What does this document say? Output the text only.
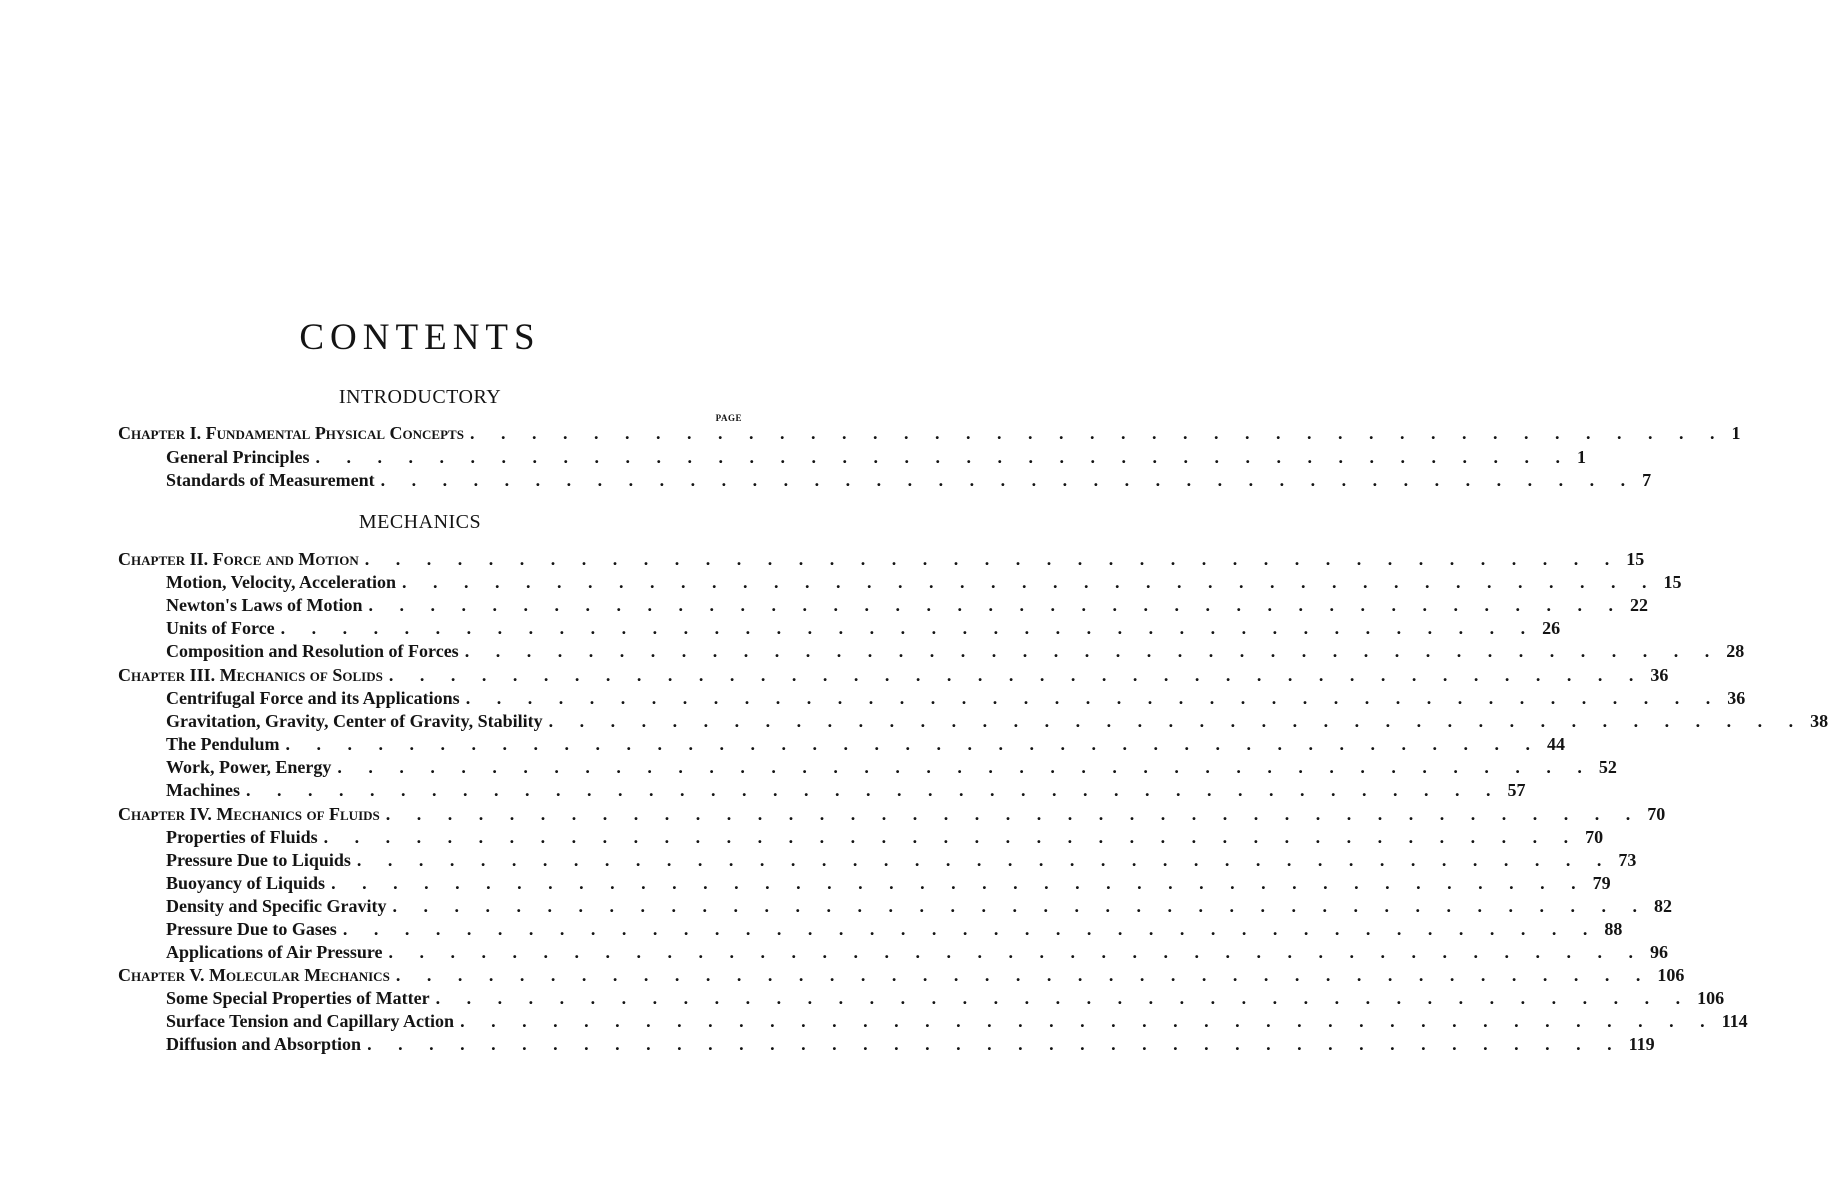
CONTENTS
INTRODUCTORY
PAGE
Chapter I. Fundamental Physical Concepts . . . . . . . . . . . . . . . . . . . . . . . . . . . . . . . . . . . . . . . . . 1
General Principles . . . . . . . . . . . . . . . . . . . . . . . . . . . . . . . . . . . . . . . . . 1
Standards of Measurement . . . . . . . . . . . . . . . . . . . . . . . . . . . . . . . . . . . . . . . . . 7
MECHANICS
Chapter II. Force and Motion . . . . . . . . . . . . . . . . . . . . . . . . . . . . . . . . . . . . . . . . . 15
Motion, Velocity, Acceleration . . . . . . . . . . . . . . . . . . . . . . . . . . . . . . . . . . . . . . . . . 15
Newton's Laws of Motion . . . . . . . . . . . . . . . . . . . . . . . . . . . . . . . . . . . . . . . . . 22
Units of Force . . . . . . . . . . . . . . . . . . . . . . . . . . . . . . . . . . . . . . . . . 26
Composition and Resolution of Forces . . . . . . . . . . . . . . . . . . . . . . . . . . . . . . . . . . . . . . . . . 28
Chapter III. Mechanics of Solids . . . . . . . . . . . . . . . . . . . . . . . . . . . . . . . . . . . . . . . . . 36
Centrifugal Force and its Applications . . . . . . . . . . . . . . . . . . . . . . . . . . . . . . . . . . . . . . . . . 36
Gravitation, Gravity, Center of Gravity, Stability . . . . . . . . . . . . . . . . . . . . . . . . . . . . . . . . . . . . . . . . . 38
The Pendulum . . . . . . . . . . . . . . . . . . . . . . . . . . . . . . . . . . . . . . . . . 44
Work, Power, Energy . . . . . . . . . . . . . . . . . . . . . . . . . . . . . . . . . . . . . . . . . 52
Machines . . . . . . . . . . . . . . . . . . . . . . . . . . . . . . . . . . . . . . . . . 57
Chapter IV. Mechanics of Fluids . . . . . . . . . . . . . . . . . . . . . . . . . . . . . . . . . . . . . . . . . 70
Properties of Fluids . . . . . . . . . . . . . . . . . . . . . . . . . . . . . . . . . . . . . . . . . 70
Pressure Due to Liquids . . . . . . . . . . . . . . . . . . . . . . . . . . . . . . . . . . . . . . . . . 73
Buoyancy of Liquids . . . . . . . . . . . . . . . . . . . . . . . . . . . . . . . . . . . . . . . . . 79
Density and Specific Gravity . . . . . . . . . . . . . . . . . . . . . . . . . . . . . . . . . . . . . . . . . 82
Pressure Due to Gases . . . . . . . . . . . . . . . . . . . . . . . . . . . . . . . . . . . . . . . . . 88
Applications of Air Pressure . . . . . . . . . . . . . . . . . . . . . . . . . . . . . . . . . . . . . . . . . 96
Chapter V. Molecular Mechanics . . . . . . . . . . . . . . . . . . . . . . . . . . . . . . . . . . . . . . . . . 106
Some Special Properties of Matter . . . . . . . . . . . . . . . . . . . . . . . . . . . . . . . . . . . . . . . . . 106
Surface Tension and Capillary Action . . . . . . . . . . . . . . . . . . . . . . . . . . . . . . . . . . . . . . . . . 114
Diffusion and Absorption . . . . . . . . . . . . . . . . . . . . . . . . . . . . . . . . . . . . . . . . . 119
